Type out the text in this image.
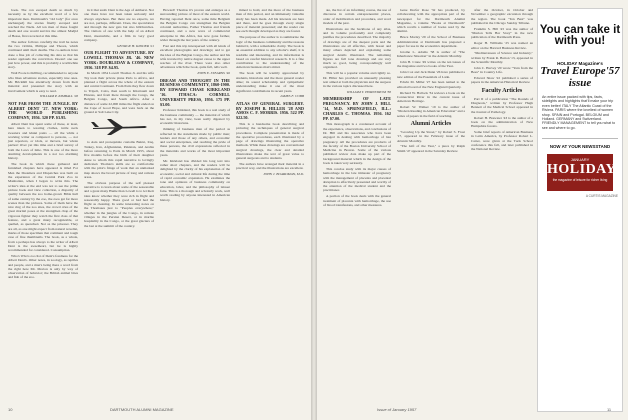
book. The con escaped death so much by necessity as by the excellent word of a few important men. Dartmouth's "old lady" (for once unchanged) the stories finally escaped and reached the Nazis. All ten men of these fought death and one would survive the almost Madjid of Hesse, first recorded at this time.

The author follows carefully the trail he notes the two victims, Philippe and Theora, which continued until their deaths. The co-authors have done a fine job of collecting his data so that his reader applauds the conviction. Doesn't one see just how power, and this is probably a worthwhile story.

Walt Foote is thrilling, recommended to anyone who likes adventure stories, especially true ones. Mr. Brickhill has attentively drawn from their material and presented the story with an involvement which is easy to read.

WILLIAM P. KIMBALL '28
NOT FAR FROM THE JUNGLE. BY ALBERT DENT '27. NEW YORK: THE WORLD PUBLISHING COMPANY, 1956. 320 PP. $3.95.

Albert Dent has spent some of these, at least, here taken to wearing clothes, turtle neck sweaters and khaki pants — all the while a working writer as compared to persons, — not just reporters, or idols, or movers, but whole parties! Over yet this time and a brief survey of both the Laws of time. This is one of the more alarming developments in a not too alarming history.

The book in which these gathered and furnished chapters have appeared is titled For Men the Dreamers and Dispatches was built on the experience of the Central Park Zoo in Manhattan, when I began to write this. The writer's idea at the end was not to see the prime picture book and view collection, a disparity of quality between the zoo home-grown Bible hull of same century by the zoo, the zoos get far more scenes than the pictures. Some of them have the nice ring of the zoo sites, the crowd cries of the great martial poses at the strengthen chap of the vigorous fighter they watch the first class of that feature, and a great many recognizable, or quelled, as quenched. Not as the prisoner. They are all, as one might expect from natural novelist, marks of those specimen that comment and tough case of fine thumbnails. The book, as a whole, from a perhaps has always to the writer of Albert Dent is the sweetheart, but he is highly recommended for considered. Consumption.

Who's Who's zoo list of Dent's fondness for the Albert Dent's. Other notes, in zoology, as reptiles and people, and a man's being there a word from the right here Mr. Morton is only by way of observation of behavior; the British animal bites and fish of the zoo.

in it that sudd. Dent is the Age of Amherst. Not one there have not been taken seriously and always anywhere. But there are no expects, we are not, perhaps, different. Does, the speculation and through the new gets but also hillchurches. The visitors of one with the help of an Albert Dent, meanwhile, and a film in very good company.

GEORGE H. KIDDER '21
OUR FLIGHT TO ADVENTURE. BY LOWELL THOMAS JR. '46. NEW YORK: DOUBLEDAY & COMPANY, 1956. 318 PP. $4.95.

In March 1954 Lowell Thomas Jr. and his wife Tay took their private plane Paris to Africa, and planned a flight across the whole of the eastern and central Continent. From Paris they flew down to Tripoli, Cairo, then south to Khartoum and Ehretes, and from there through the Congo, the Belgian Congo, and South Africa. After a distance of some 22,000 miles the flight ended on the Cape of Good Hope, and were back on the ground at Salt Lake City.

to Asia and prerequisite customs Beirut, Iraq, Turkey, Iran, Afghanistan, Pakistan, and Arabia before returning to Paris in March 1955, about five months before the birth of their daughter Anne to whom this rapid narrative is lovingly dedicated. Thomas's skills are so comfortable with the pilot's fringe of work that an unmarked map shows the broad picture of long and remote areas.

The obvious purpose of the self pleased narrative is to learn about some of the seasonable and a great many Hume than Lowell is to let their tales know whether they were rich in flight and reasonably happy. There good or bad had the flight as cleaning. In some interesting notes on the Thomases just to "Peoples everywhere," whether in the jungles of the Congo, in remote villages in the Persian Desert, or in marble hospitality in the Congo, or the great glaciers of the last at the summit of the country.

Howard! Thomas it's proven and enlarges as a surrounding picture of most of the eastern world. Having reported Dent once, some time Belgium the Belgian Congo can strengthen the Belgian colonial authorities, Father Thomas and friends continued, and a new wave of commercial enterprise in this Africa, has now gone farther, wider through the last years of the century.

Fast and this trip interspersed with all kinds of excellent photographs and drawings; and to get the idea of the Belgian Congo, the author and his wife traveled by native dugout canoe to the upper reaches of the river. There were also other adventures which the book, quite full, tells well.

JOHN E. STEARNS '46
DREAM AND THOUGHT IN THE BUSINESS COMMUNITY, 1860-1900. BY EDWARD CHASE KIRKLAND '16. ITHACA: CORNELL UNIVERSITY PRESS, 1956. 175 PP. $3.00.

Professor Kirkland, this book is a real study of the business community — the material of which has not, in my view, been really digested by economic historians.

thinking of business men of the period as reflected in the statements made by public men; leaders and those of any others, and economic and social enterprises, and reaching the pride of these persons, the civil expressions reflected in the materials and works of the most important years.

Mr. Kirkland has divided his long text into rather short chapters, and the readers will be delighted by the clarity of his explanation of the economic, social and cultural life during the time of rapid economic expansion. He examines the tone and opinions of business community on education, labor, and the philosophy of laissez faire. This is a thorough and scholarly work, well worth reading by anyone interested in American history.

mined to hold, and the more of the business men of this period, and an immensely valuable study has been made. All his interests are here and there, and he goes through every single piece of material presented; and the reader can see each thought developed as they are found.

The purpose of the author is to summarize the logic of the business community and the reasons behind it, with a remarkable clarity. The book is an essential addition to any scholar's shelf, it is readable and interesting, and its information is based on careful historical research. It is a fine contribution to the understanding of the American business man's mind.

The book will be warmly appreciated by students, historians and the more general reader alike; its sound scholarship and sympathetic understanding make it one of the most significant contributions in recent years.

JAMES F. COBB
ATLAS OF GENERAL SURGERY. BY JOSEPH B. HILLER '28 AND AMOS C. F. MORRIS. 1956. 522 PP. $22.50.

This is a handsome book describing and picturing the techniques of general surgical procedures. Complete presentation is made of the operative procedures, each illustrated by a page of drawings illustrating the operative methods. While these drawings are conventional surgical drawings, the clear and detailed illustrations make the text of great value to general surgeons and to students.

The authors have arranged their material in a practical way, and the illustrations are excellent.

JOHN J. BOARDMAN, M.D.
10	DARTMOUTH ALUMNI MAGAZINE

ate, the list of an informing course, the use of discourse in certain entrepreneurial places, order of mobilization and procedure, and word models of the past.

Illustrations are the backbone of any atlas, and in volume profoundly and completely justifies the procedures described. The majority of drawings are of the deepest parts and the illustrations are all effective, with breast and many others depicted and explaining some surgical details illustrated. The remaining figures are full tone drawings and are very much so good, being correspondingly well organized.

This will be a popular volume and rightly so. Dr. Hiller has provided an unusually pleasing text aimed at both the physician and the surgeon in the various topics discussed here.

WILLIAM T. HORNSTROM '38
MEMBERSHIP OF LATE PREGNANCY. BY JOHN J. HILL '14, M.D. SPRINGFIELD, ILL.: CHARLES C. THOMAS. 1956. 162 PP. $7.00.

This monograph is a condensed account of the experience, observations, and conclusions of Dr. Hill and his associates who have been engaged in dealing with hemorrhage of late pregnancy. All the procedures are products of the faculty of the Boston University School of Medicine in Boston. Some of the various published review data make up part of the background material which in the design of the book is taken very seriously.

This concise study with its major causes of hemorrhage in the late trimester of pregnancy with the management of placenta and placental abruption is effectively presented and worthy of the attention of the medical student and the practitioner.

A portion of the book deals with the general treatment of placenta with hemorrhage, the use of blood transfusions, and other measures.

Gene Dorfer Rose '32 has produced, by collaborating with the appropriate part of the newspaper for the Dartmouth Alumni Magazine, a volume "Books at Dartmouth" which recalls a number of books read by the alumni.

Bruce Morley '29 of the School of Business Administration at Dartmouth has prepared a paper for use in the economics department.

Jerome L. Adams '38 is author of "The Inheritance Situation" in the Atlantic Monthly.

John H. Crane '49 writes on the ten issues of the magazine and two books of the Year.

John Cox and Jack Dunn '26 have published a new edition of the Essentials of Latin.

Edwin M. Miller '27 has been named to the editorial board of the New England Quarterly.

Richard W. Hallock '34 reviews a book on the Connecticut River in the current issue of American Heritage.

Robert W. Walker '19 is the author of "Modern Reading in American Education" and a series of papers in the field of teaching.

Alumni Articles

"Growing Up the Street," by Robert S. Frost '17, appeared in the February issue of the Atlantic Monthly.

"The Gift of the Year," a piece by Ralph Smith '47 appeared in the Saturday Review.

after the October, in October and November a geographic excursion through the region. The book "Ten Best" was published in the Chicago Sunday Tribune.

Franklin S. Hill '43 was the author of "Marion Tells Her Story" in the new publication of the Dartmouth Press.

Roger H. Williams '25 was named an editor on the Harvard Business Review.

"Mediterranean of Science and Industry," written by Frank R. Barton '13, appeared in the Scientific Monthly.

John C. Harvey '20 wrote "Yarn from the Bees" in Country Life.

Edward Shaw '22 published a series of papers in the American Historical Review.

Faculty Articles

Part II of a publication "The Rounds of Diagnosis," written by Professor Hugh Bennett of the Medical School appeared in the Journal of Pathology.

Robert H. Brewster '43 is the author of a book on the administration of New Hampshire forests.

Some brief reports of American Business in Latin America, by Professor Robert L. Carter, were given at the Tuck School conference this fall, and later published in the National Review.

You can take it with you!
HOLIDAY Magazine's
Travel Europe'57 issue
An entire issue packed with tips, facts, sidelights and highlights that'll make your trip even better! ITALY The Atlantic Coast of the Riviera. PARIS where the loveliest of women shop. SPAIN and Portugal. BELGIUM and Holland. GERMANY and Switzerland. FRIENDLY MANAGEMENT to tell you what to see and where to go.
NOW AT YOUR NEWSSTAND
JANUARY
HOLIDAY
the magazine of leisure for richer living
A CURTIS MAGAZINE
Issue of January 1957	11
